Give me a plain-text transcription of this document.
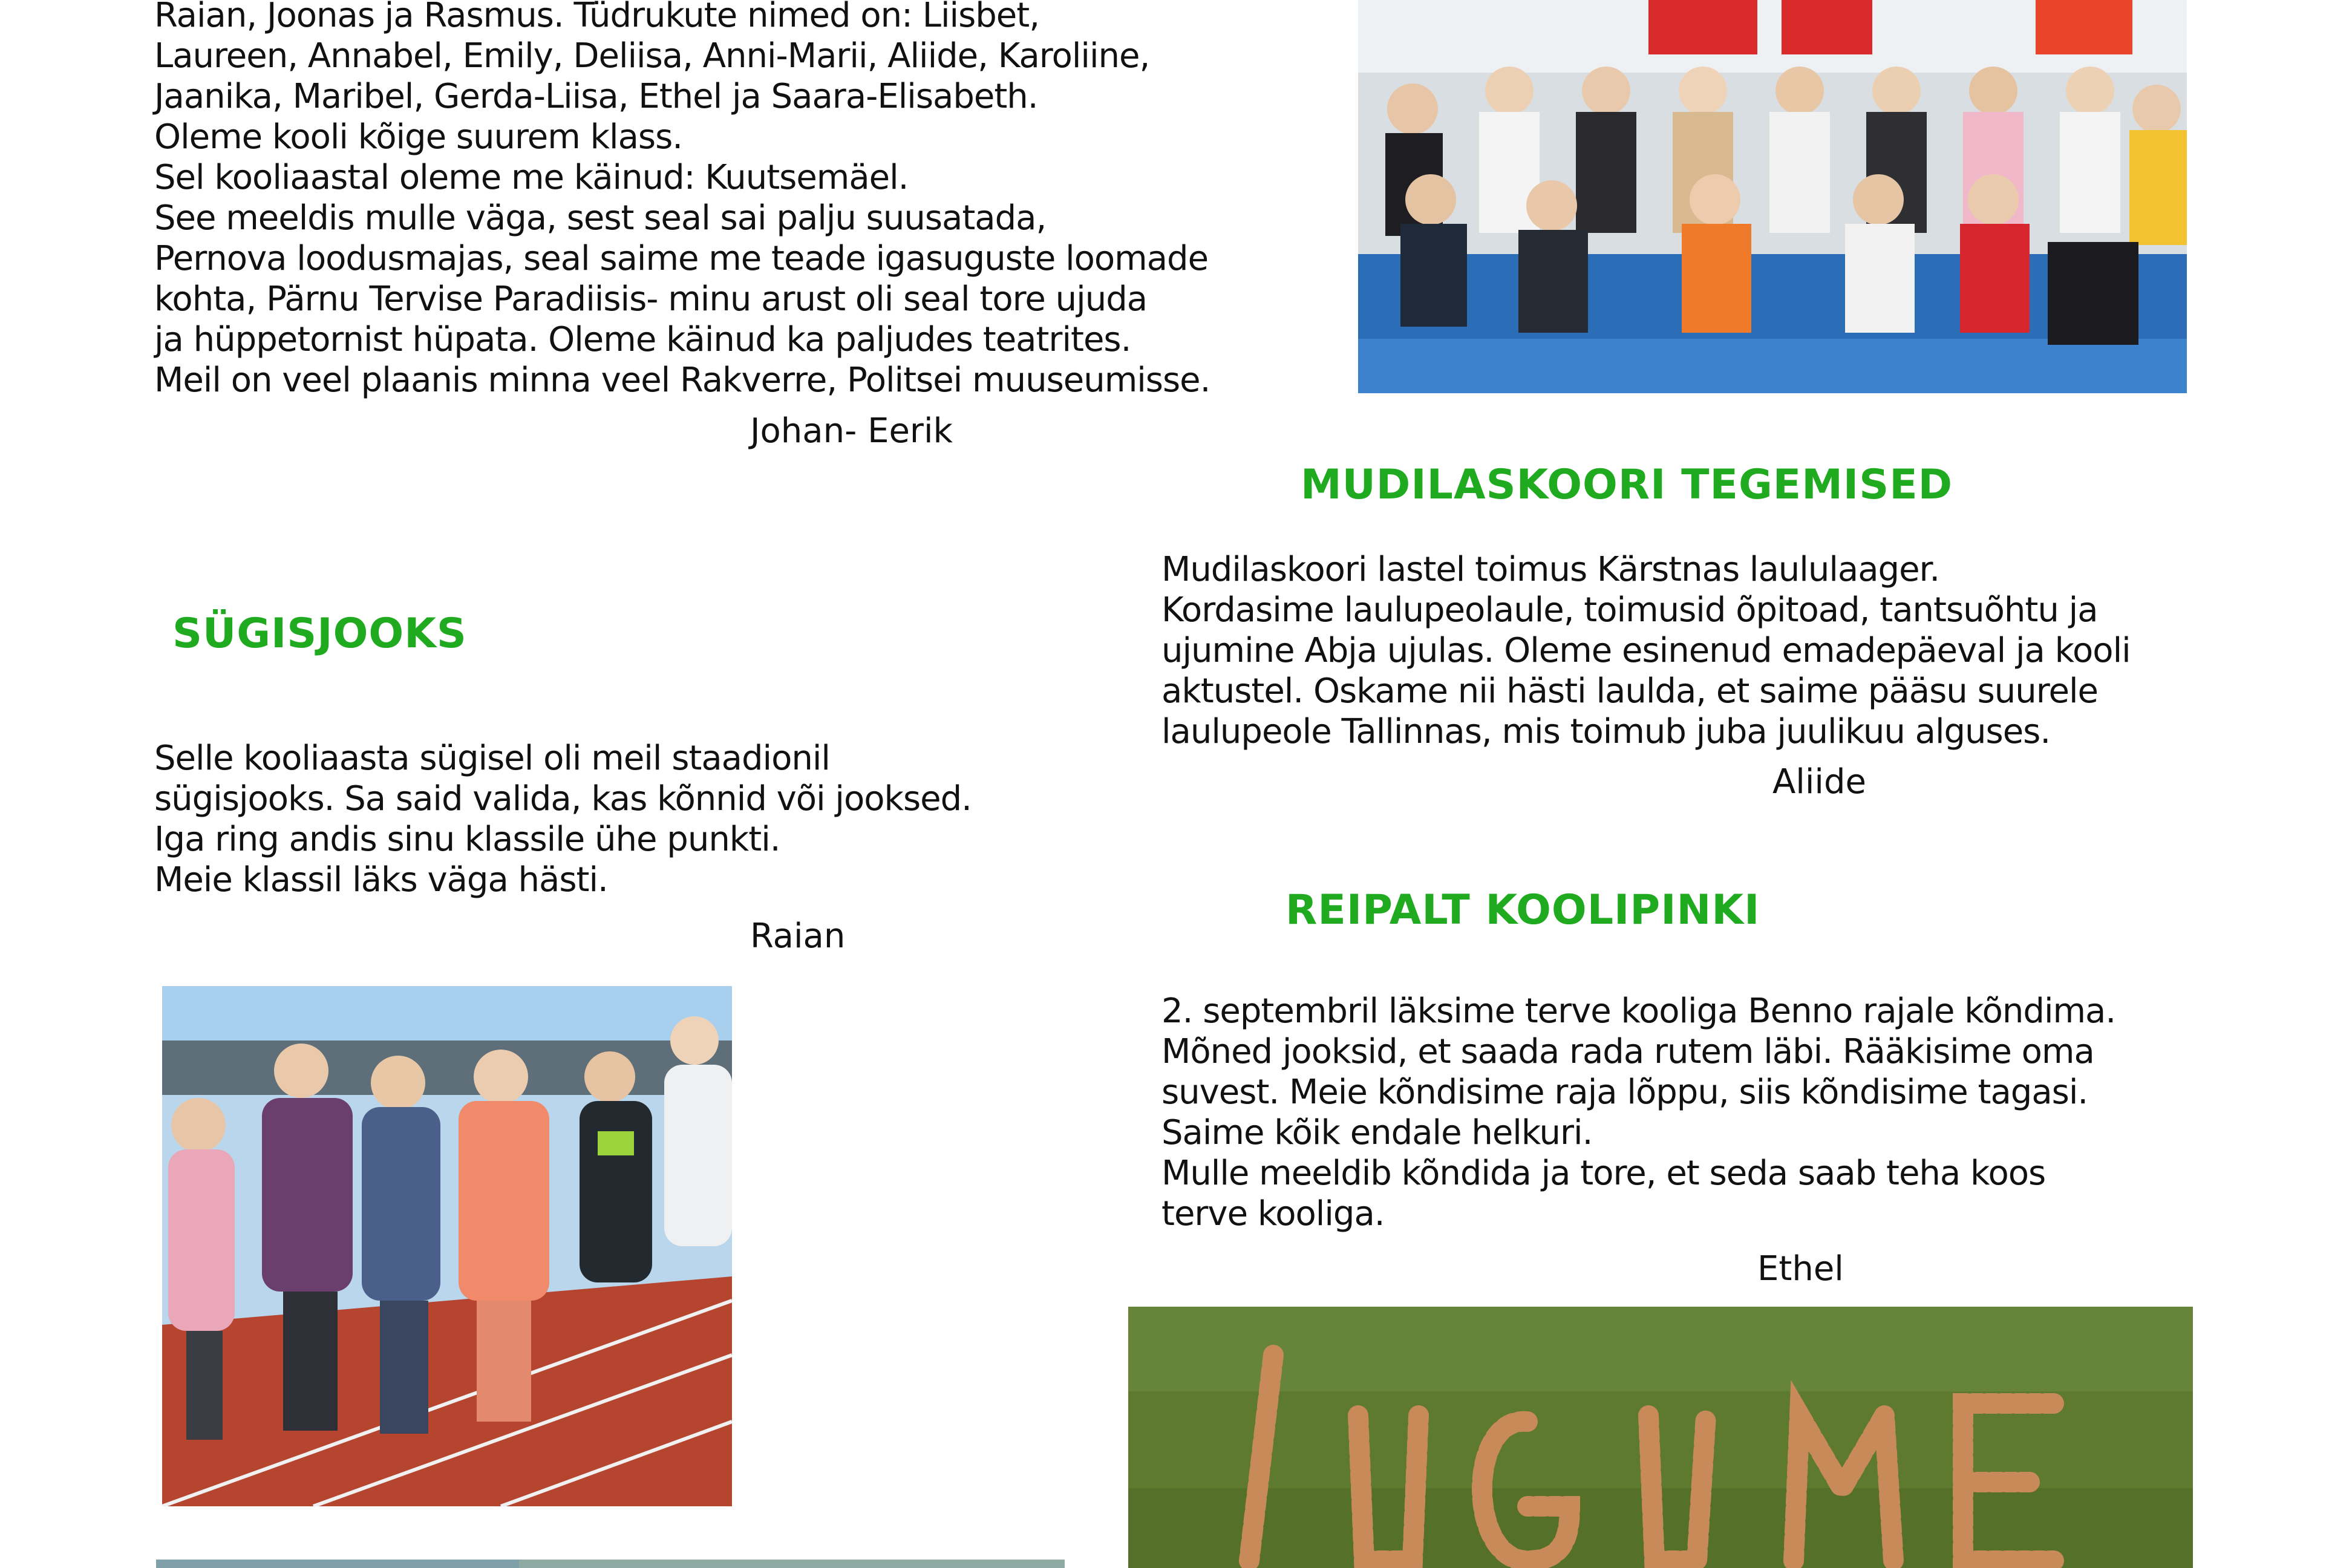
Raian, Joonas ja Rasmus. Tüdrukute nimed on: Liisbet,

Laureen, Annabel, Emily, Deliisa, Anni-Marii, Aliide, Karoliine,

Jaanika, Maribel, Gerda-Liisa, Ethel ja Saara-Elisabeth.

Oleme kooli kõige suurem klass.

Sel kooliaastal oleme me käinud: Kuutsemäel.

See meeldis mulle väga, sest seal sai palju suusatada,

Pernova loodusmajas, seal saime me teade igasuguste loomade

kohta, Pärnu Tervise Paradiisis- minu arust oli seal tore ujuda

ja hüppetornist hüpata. Oleme käinud ka paljudes teatrites.

Meil on veel plaanis minna veel Rakverre, Politsei muuseumisse.

Johan- Eerik
MUDILASKOORI TEGEMISED

Mudilaskoori lastel toimus Kärstnas laululaager.

Kordasime laulupeolaule, toimusid õpitoad, tantsuõhtu ja

ujumine Abja ujulas. Oleme esinenud emadepäeval ja kooli

aktustel. Oskame nii hästi laulda, et saime pääsu suurele

laulupeole Tallinnas, mis toimub juba juulikuu alguses.

Aliide
SÜGISJOOKS

Selle kooliaasta sügisel oli meil staadionil

sügisjooks. Sa said valida, kas kõnnid või jooksed.

Iga ring andis sinu klassile ühe punkti.

Meie klassil läks väga hästi.

Raian
REIPALT KOOLIPINKI

2. septembril läksime terve kooliga Benno rajale kõndima.

Mõned jooksid, et saada rada rutem läbi. Rääkisime oma

suvest. Meie kõndisime raja lõppu, siis kõndisime tagasi.

Saime kõik endale helkuri.

Mulle meeldib kõndida ja tore, et seda saab teha koos

terve kooliga.

Ethel
